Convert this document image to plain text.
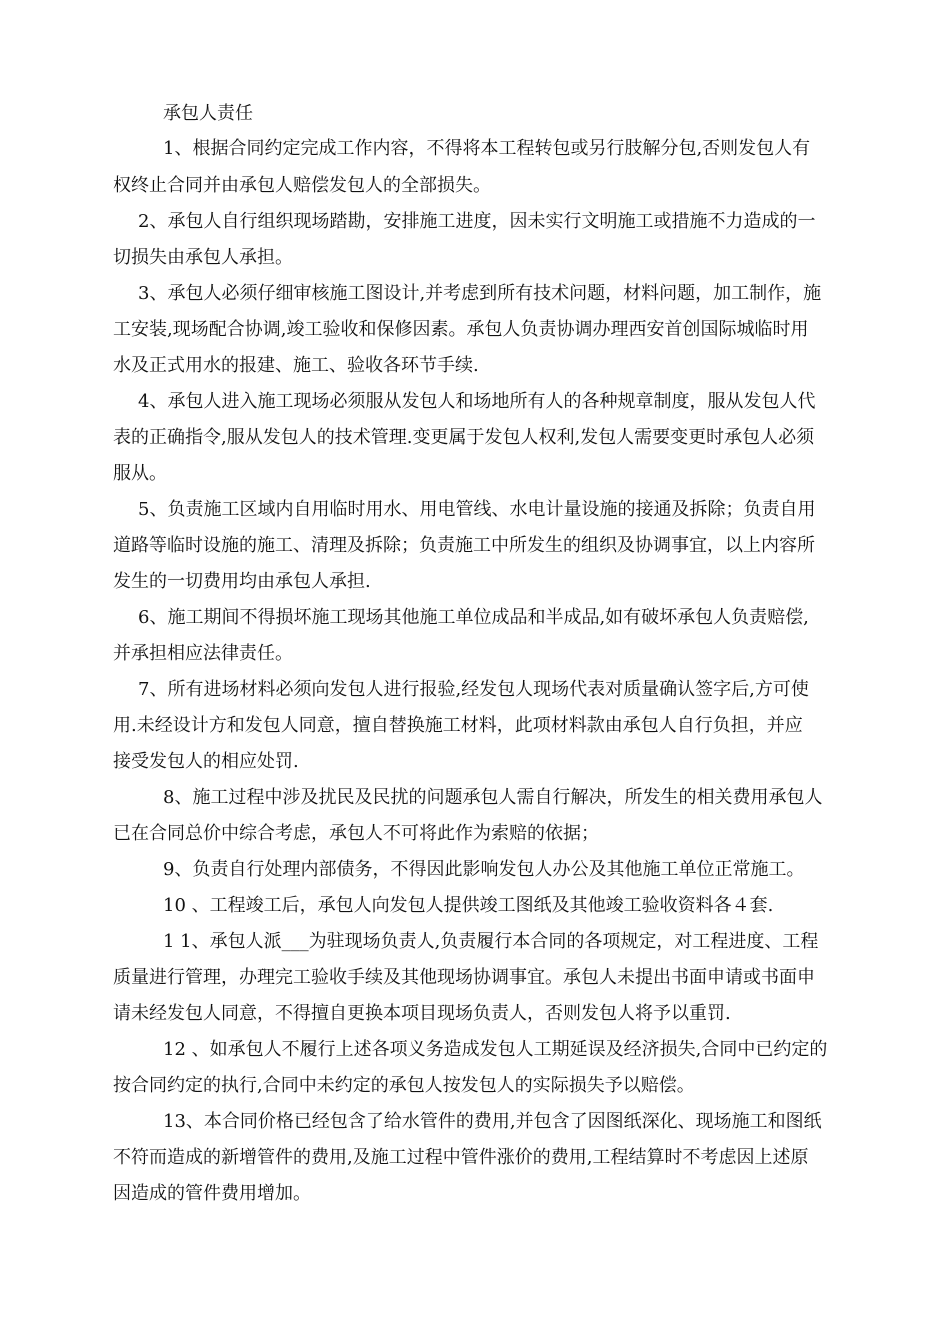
承包人责任
1、根据合同约定完成工作内容，不得将本工程转包或另行肢解分包,否则发包人有
权终止合同并由承包人赔偿发包人的全部损失。
2、承包人自行组织现场踏勘，安排施工进度，因未实行文明施工或措施不力造成的一
切损失由承包人承担。
3、承包人必须仔细审核施工图设计,并考虑到所有技术问题，材料问题，加工制作，施
工安装,现场配合协调,竣工验收和保修因素。承包人负责协调办理西安首创国际城临时用
水及正式用水的报建、施工、验收各环节手续.
4、承包人进入施工现场必须服从发包人和场地所有人的各种规章制度，服从发包人代
表的正确指令,服从发包人的技术管理.变更属于发包人权利,发包人需要变更时承包人必须
服从。
5、负责施工区域内自用临时用水、用电管线、水电计量设施的接通及拆除；负责自用
道路等临时设施的施工、清理及拆除；负责施工中所发生的组织及协调事宜，以上内容所
发生的一切费用均由承包人承担.
6、施工期间不得损坏施工现场其他施工单位成品和半成品,如有破坏承包人负责赔偿,
并承担相应法律责任。
7、所有进场材料必须向发包人进行报验,经发包人现场代表对质量确认签字后,方可使
用.未经设计方和发包人同意，擅自替换施工材料，此项材料款由承包人自行负担，并应
接受发包人的相应处罚.
8、施工过程中涉及扰民及民扰的问题承包人需自行解决，所发生的相关费用承包人
已在合同总价中综合考虑，承包人不可将此作为索赔的依据；
9、负责自行处理内部债务，不得因此影响发包人办公及其他施工单位正常施工。
10 、工程竣工后，承包人向发包人提供竣工图纸及其他竣工验收资料各４套.
1 1、承包人派___为驻现场负责人,负责履行本合同的各项规定，对工程进度、工程
质量进行管理，办理完工验收手续及其他现场协调事宜。承包人未提出书面申请或书面申
请未经发包人同意，不得擅自更换本项目现场负责人，否则发包人将予以重罚.
12 、如承包人不履行上述各项义务造成发包人工期延误及经济损失,合同中已约定的
按合同约定的执行,合同中未约定的承包人按发包人的实际损失予以赔偿。
13、本合同价格已经包含了给水管件的费用,并包含了因图纸深化、现场施工和图纸
不符而造成的新增管件的费用,及施工过程中管件涨价的费用,工程结算时不考虑因上述原
因造成的管件费用增加。
